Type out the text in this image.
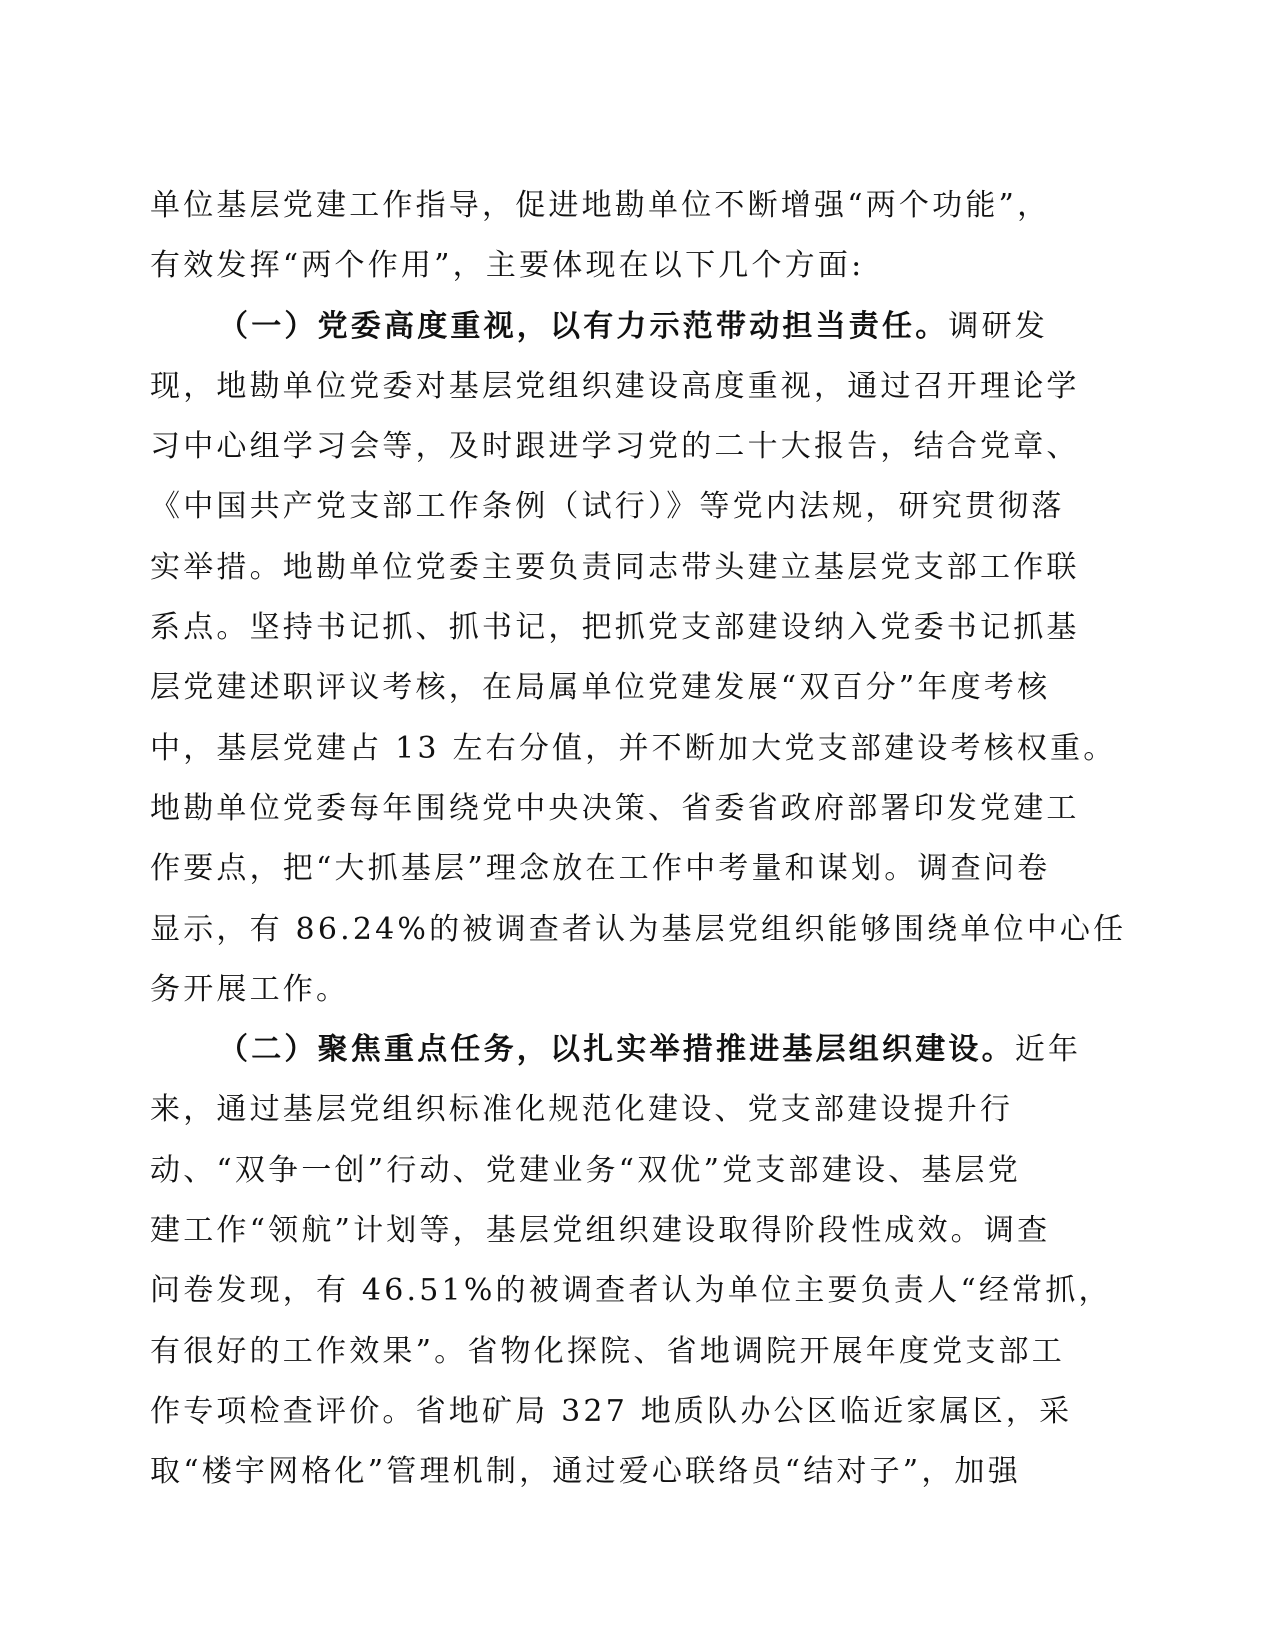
单位基层党建工作指导，促进地勘单位不断增强“两个功能”，
有效发挥“两个作用”，主要体现在以下几个方面:
（一）党委高度重视，以有力示范带动担当责任。调研发
现，地勘单位党委对基层党组织建设高度重视，通过召开理论学
习中心组学习会等，及时跟进学习党的二十大报告，结合党章、
《中国共产党支部工作条例（试行）》等党内法规，研究贯彻落
实举措。地勘单位党委主要负责同志带头建立基层党支部工作联
系点。坚持书记抓、抓书记，把抓党支部建设纳入党委书记抓基
层党建述职评议考核，在局属单位党建发展“双百分”年度考核
中，基层党建占 13 左右分值，并不断加大党支部建设考核权重。
地勘单位党委每年围绕党中央决策、省委省政府部署印发党建工
作要点，把“大抓基层”理念放在工作中考量和谋划。调查问卷
显示，有 86.24%的被调查者认为基层党组织能够围绕单位中心任
务开展工作。
（二）聚焦重点任务，以扎实举措推进基层组织建设。近年
来，通过基层党组织标准化规范化建设、党支部建设提升行
动、“双争一创”行动、党建业务“双优”党支部建设、基层党
建工作“领航”计划等，基层党组织建设取得阶段性成效。调查
问卷发现，有 46.51%的被调查者认为单位主要负责人“经常抓，
有很好的工作效果”。省物化探院、省地调院开展年度党支部工
作专项检查评价。省地矿局 327 地质队办公区临近家属区，采
取“楼宇网格化”管理机制，通过爱心联络员“结对子”，加强
